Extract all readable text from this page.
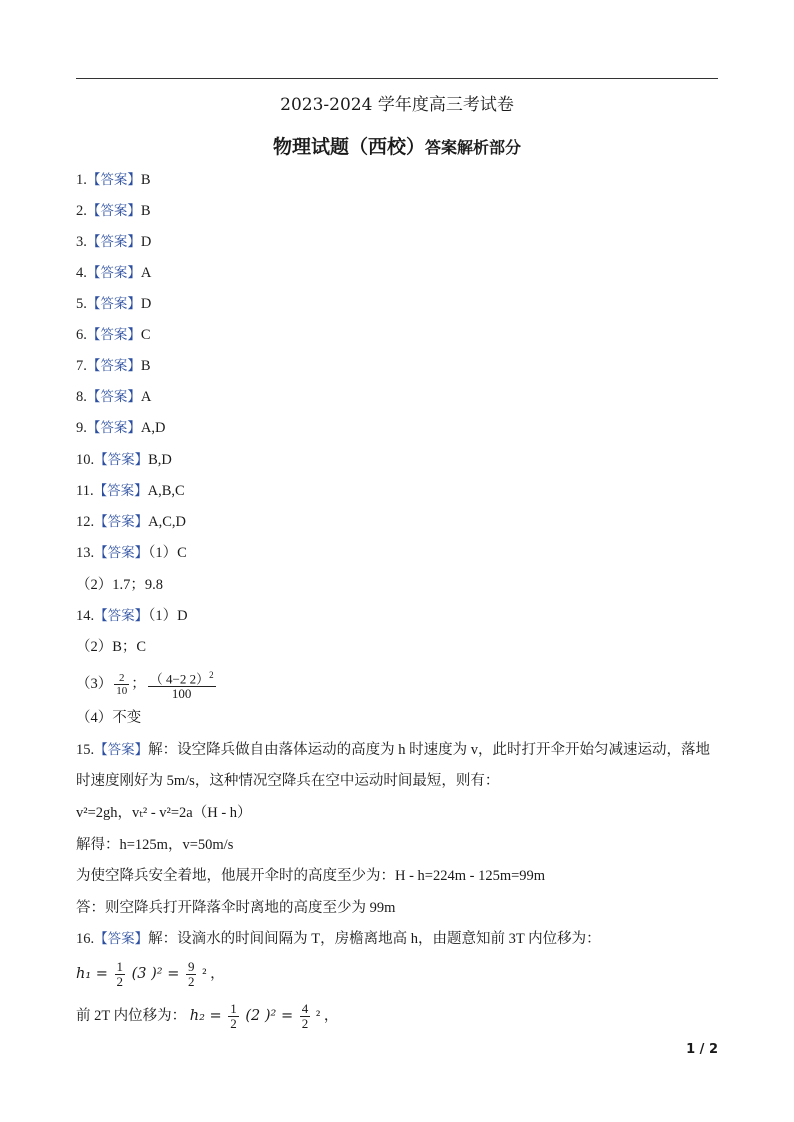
2023-2024 学年度高三考试卷
物理试题（西校）答案解析部分
1.【答案】B
2.【答案】B
3.【答案】D
4.【答案】A
5.【答案】D
6.【答案】C
7.【答案】B
8.【答案】A
9.【答案】A,D
10.【答案】B,D
11.【答案】A,B,C
12.【答案】A,C,D
13.【答案】（1）C
（2）1.7；9.8
14.【答案】（1）D
（2）B；C
$(3) \frac{2}{10}$ ； $\frac{( 4-2 2)^2}{100}$
（4）不变
15.【答案】解：设空降兵做自由落体运动的高度为 h 时速度为 v，此时打开伞开始匀减速运动，落地
时速度刚好为 5m/s，这种情况空降兵在空中运动时间最短，则有：
v²=2gh，vₜ² - v²=2a（H - h）
解得：h=125m，v=50m/s
为使空降兵安全着地，他展开伞时的高度至少为：H - h=224m - 125m=99m
答：则空降兵打开降落伞时离地的高度至少为 99m
16.【答案】解：设滴水的时间间隔为 T，房檐离地高 h，由题意知前 3T 内位移为：
$h_1 = \frac{1}{2} (3$ )$^2 = \frac{9}{2} ^2$ ，
前 2T 内位移为： $h_2 = \frac{1}{2} (2$ )$^2 = \frac{4}{2} ^2$ ，
1 / 2
